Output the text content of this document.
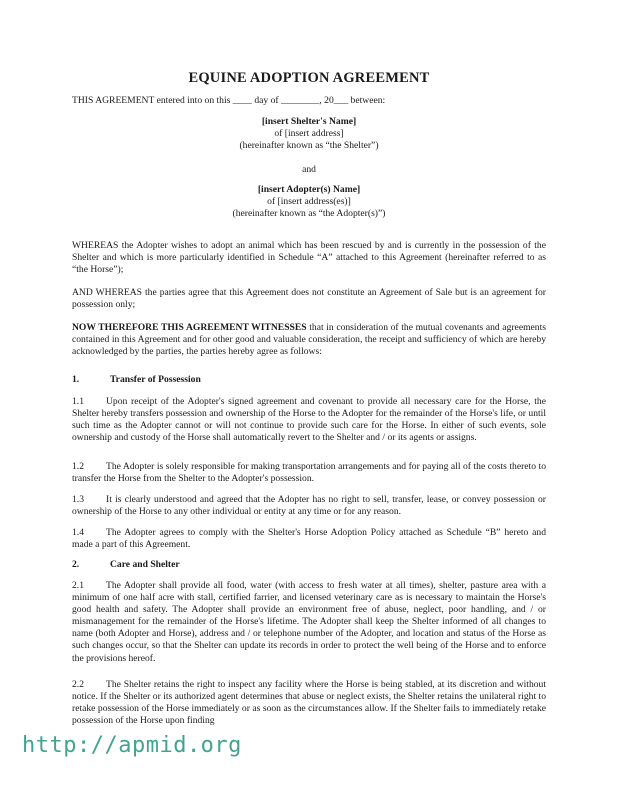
EQUINE ADOPTION AGREEMENT

THIS AGREEMENT entered into on this ____ day of ________, 20___ between:

[insert Shelter's Name]
of [insert address]
(hereinafter known as “the Shelter”)
and
[insert Adopter(s) Name]
of [insert address(es)]
(hereinafter known as “the Adopter(s)”)

WHEREAS the Adopter wishes to adopt an animal which has been rescued by and is currently in the possession of the Shelter and which is more particularly identified in Schedule “A” attached to this Agreement (hereinafter referred to as “the Horse”);

AND WHEREAS the parties agree that this Agreement does not constitute an Agreement of Sale but is an agreement for possession only;

NOW THEREFORE THIS AGREEMENT WITNESSES that in consideration of the mutual covenants and agreements contained in this Agreement and for other good and valuable consideration, the receipt and sufficiency of which are hereby acknowledged by the parties, the parties hereby agree as follows:

1.	Transfer of Possession

1.1 Upon receipt of the Adopter's signed agreement and covenant to provide all necessary care for the Horse, the Shelter hereby transfers possession and ownership of the Horse to the Adopter for the remainder of the Horse's life, or until such time as the Adopter cannot or will not continue to provide such care for the Horse. In either of such events, sole ownership and custody of the Horse shall automatically revert to the Shelter and / or its agents or assigns.

1.2 The Adopter is solely responsible for making transportation arrangements and for paying all of the costs thereto to transfer the Horse from the Shelter to the Adopter's possession.

1.3 It is clearly understood and agreed that the Adopter has no right to sell, transfer, lease, or convey possession or ownership of the Horse to any other individual or entity at any time or for any reason.

1.4 The Adopter agrees to comply with the Shelter's Horse Adoption Policy attached as Schedule “B” hereto and made a part of this Agreement.

2.	Care and Shelter

2.1 The Adopter shall provide all food, water (with access to fresh water at all times), shelter, pasture area with a minimum of one half acre with stall, certified farrier, and licensed veterinary care as is necessary to maintain the Horse's good health and safety. The Adopter shall provide an environment free of abuse, neglect, poor handling, and / or mismanagement for the remainder of the Horse's lifetime. The Adopter shall keep the Shelter informed of all changes to name (both Adopter and Horse), address and / or telephone number of the Adopter, and location and status of the Horse as such changes occur, so that the Shelter can update its records in order to protect the well being of the Horse and to enforce the provisions hereof.

2.2 The Shelter retains the right to inspect any facility where the Horse is being stabled, at its discretion and without notice. If the Shelter or its authorized agent determines that abuse or neglect exists, the Shelter retains the unilateral right to retake possession of the Horse immediately or as soon as the circumstances allow. If the Shelter fails to immediately retake possession of the Horse upon finding

http://apmid.org
